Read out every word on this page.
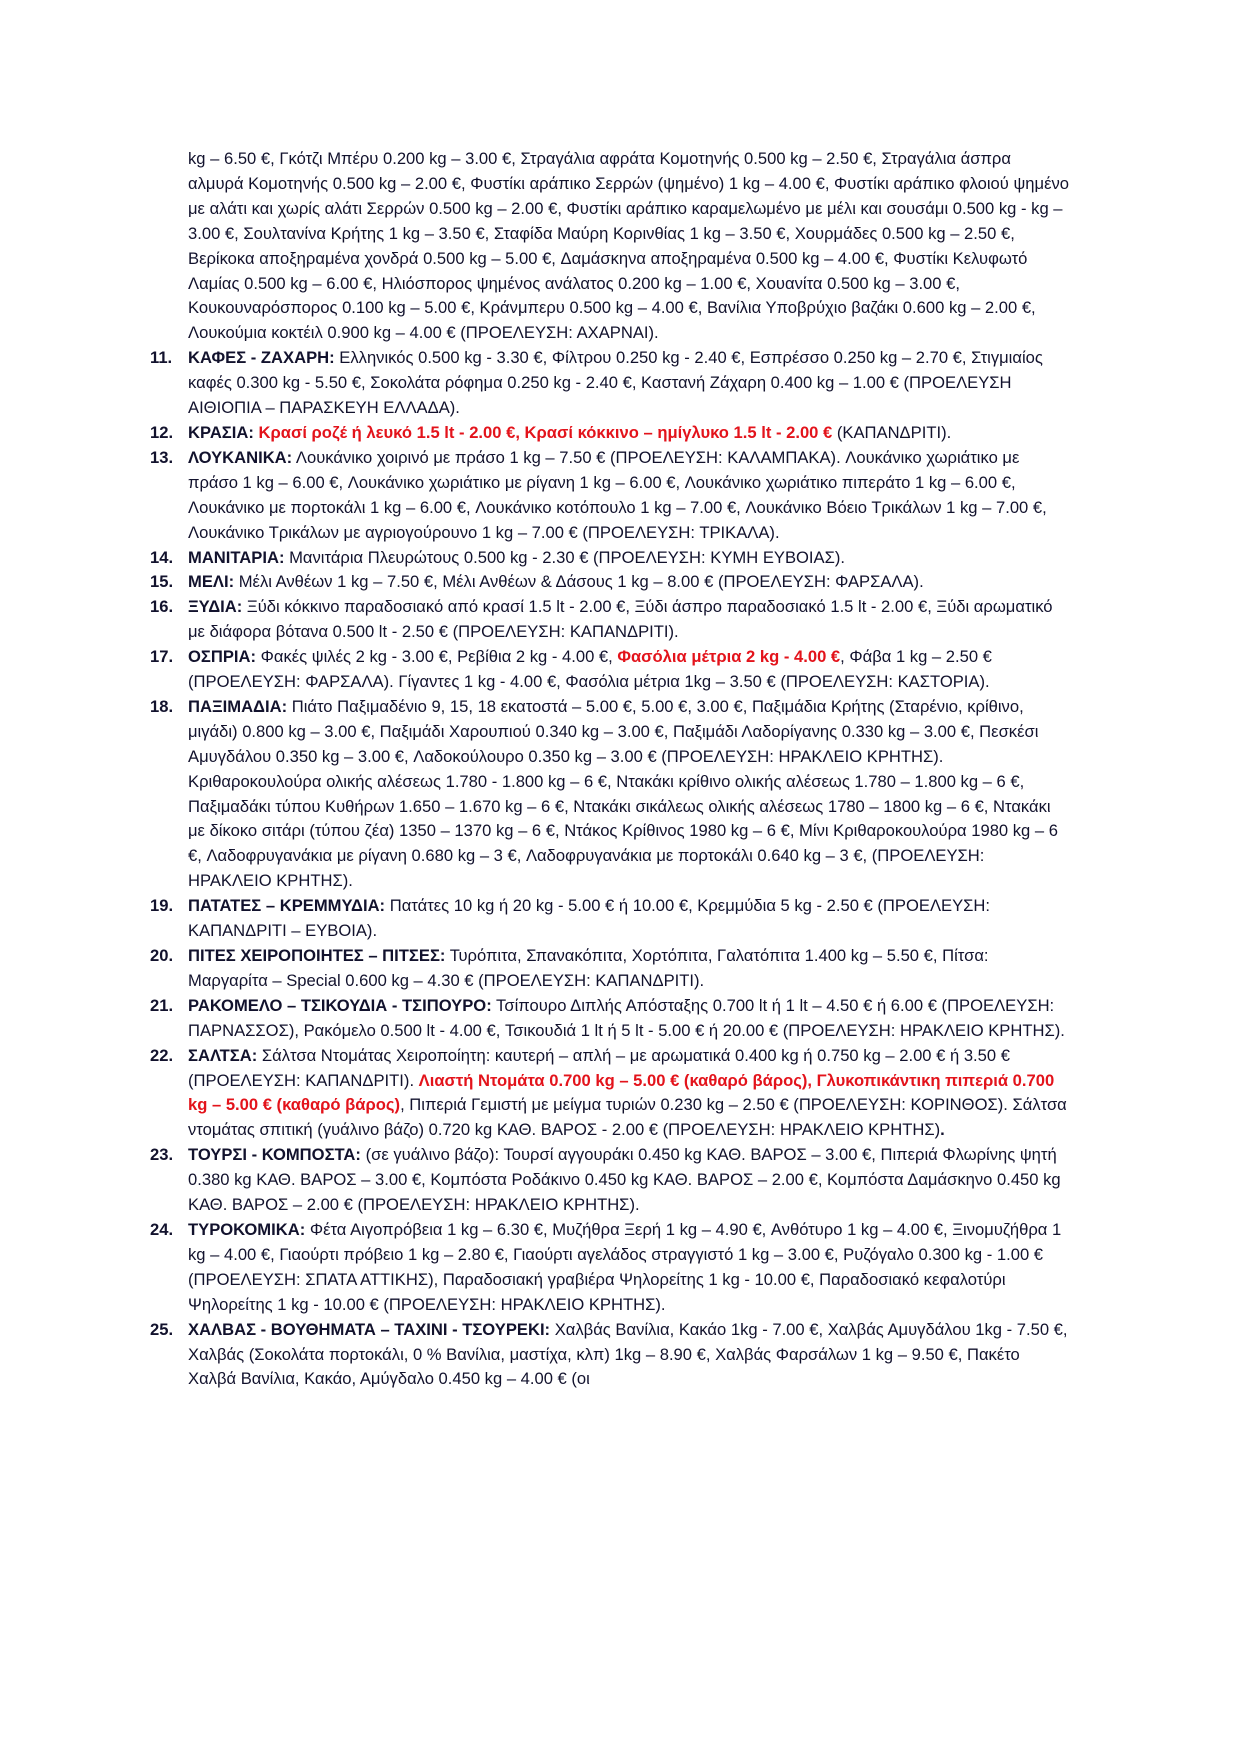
kg – 6.50 €, Γκότζι Μπέρυ 0.200 kg – 3.00 €, Στραγάλια αφράτα Κομοτηνής 0.500 kg – 2.50 €, Στραγάλια άσπρα αλμυρά Κομοτηνής 0.500 kg – 2.00 €, Φυστίκι αράπικο Σερρών (ψημένο) 1 kg – 4.00 €, Φυστίκι αράπικο φλοιού ψημένο με αλάτι και χωρίς αλάτι Σερρών 0.500 kg – 2.00 €, Φυστίκι αράπικο καραμελωμένο με μέλι και σουσάμι 0.500 kg - kg – 3.00 €, Σουλτανίνα Κρήτης 1 kg – 3.50 €, Σταφίδα Μαύρη Κορινθίας 1 kg – 3.50 €, Χουρμάδες 0.500 kg – 2.50 €, Βερίκοκα αποξηραμένα χονδρά 0.500 kg – 5.00 €, Δαμάσκηνα αποξηραμένα 0.500 kg – 4.00 €, Φυστίκι Κελυφωτό Λαμίας 0.500 kg – 6.00 €, Ηλιόσπορος ψημένος ανάλατος 0.200 kg – 1.00 €, Χουανίτα 0.500 kg – 3.00 €, Κουκουναρόσπορος 0.100 kg – 5.00 €, Κράνμπερυ 0.500 kg – 4.00 €, Βανίλια Υποβρύχιο βαζάκι 0.600 kg – 2.00 €, Λουκούμια κοκτέιλ 0.900 kg – 4.00 € (ΠΡΟΕΛΕΥΣΗ: ΑΧΑΡΝΑΙ).

11. ΚΑΦΕΣ - ΖΑΧΑΡΗ: Ελληνικός 0.500 kg - 3.30 €, Φίλτρου 0.250 kg - 2.40 €, Εσπρέσσο 0.250 kg – 2.70 €, Στιγμιαίος καφές 0.300 kg - 5.50 €, Σοκολάτα ρόφημα 0.250 kg - 2.40 €, Καστανή Ζάχαρη 0.400 kg – 1.00 € (ΠΡΟΕΛΕΥΣΗ ΑΙΘΙΟΠΙΑ – ΠΑΡΑΣΚΕΥΗ ΕΛΛΑΔΑ).

12. ΚΡΑΣΙΑ: Κρασί ροζέ ή λευκό 1.5 lt - 2.00 €, Κρασί κόκκινο – ημίγλυκο 1.5 lt - 2.00 € (ΚΑΠΑΝΔΡΙΤΙ).

13. ΛΟΥΚΑΝΙΚΑ: Λουκάνικο χοιρινό με πράσο 1 kg – 7.50 € (ΠΡΟΕΛΕΥΣΗ: ΚΑΛΑΜΠΑΚΑ). Λουκάνικο χωριάτικο με πράσο 1 kg – 6.00 €, Λουκάνικο χωριάτικο με ρίγανη 1 kg – 6.00 €, Λουκάνικο χωριάτικο πιπεράτο 1 kg – 6.00 €, Λουκάνικο με πορτοκάλι 1 kg – 6.00 €, Λουκάνικο κοτόπουλο 1 kg – 7.00 €, Λουκάνικο Βόειο Τρικάλων 1 kg – 7.00 €, Λουκάνικο Τρικάλων με αγριογούρουνο 1 kg – 7.00 € (ΠΡΟΕΛΕΥΣΗ: ΤΡΙΚΑΛΑ).

14. ΜΑΝΙΤΑΡΙΑ: Μανιτάρια Πλευρώτους 0.500 kg - 2.30 € (ΠΡΟΕΛΕΥΣΗ: ΚΥΜΗ ΕΥΒΟΙΑΣ).

15. ΜΕΛΙ: Μέλι Ανθέων 1 kg – 7.50 €, Μέλι Ανθέων & Δάσους 1 kg – 8.00 € (ΠΡΟΕΛΕΥΣΗ: ΦΑΡΣΑΛΑ).

16. ΞΥΔΙΑ: Ξύδι κόκκινο παραδοσιακό από κρασί 1.5 lt - 2.00 €, Ξύδι άσπρο παραδοσιακό 1.5 lt - 2.00 €, Ξύδι αρωματικό με διάφορα βότανα 0.500 lt - 2.50 € (ΠΡΟΕΛΕΥΣΗ: ΚΑΠΑΝΔΡΙΤΙ).

17. ΟΣΠΡΙΑ: Φακές ψιλές 2 kg - 3.00 €, Ρεβίθια 2 kg - 4.00 €, Φασόλια μέτρια 2 kg - 4.00 €, Φάβα 1 kg – 2.50 € (ΠΡΟΕΛΕΥΣΗ: ΦΑΡΣΑΛΑ). Γίγαντες 1 kg - 4.00 €, Φασόλια μέτρια 1kg – 3.50 € (ΠΡΟΕΛΕΥΣΗ: ΚΑΣΤΟΡΙΑ).

18. ΠΑΞΙΜΑΔΙΑ: Πιάτο Παξιμαδένιο 9, 15, 18 εκατοστά – 5.00 €, 5.00 €, 3.00 €, Παξιμάδια Κρήτης (Σταρένιο, κρίθινο, μιγάδι) 0.800 kg – 3.00 €, Παξιμάδι Χαρουπιού 0.340 kg – 3.00 €, Παξιμάδι Λαδορίγανης 0.330 kg – 3.00 €, Πεσκέσι Αμυγδάλου 0.350 kg – 3.00 €, Λαδοκούλουρο 0.350 kg – 3.00 € (ΠΡΟΕΛΕΥΣΗ: ΗΡΑΚΛΕΙΟ ΚΡΗΤΗΣ).

Κριθαροκουλούρα ολικής αλέσεως 1.780 - 1.800 kg – 6 €, Ντακάκι κρίθινο ολικής αλέσεως 1.780 – 1.800 kg – 6 €, Παξιμαδάκι τύπου Κυθήρων 1.650 – 1.670 kg – 6 €, Ντακάκι σικάλεως ολικής αλέσεως 1780 – 1800 kg – 6 €, Ντακάκι με δίκοκο σιτάρι (τύπου ζέα) 1350 – 1370 kg – 6 €, Ντάκος Κρίθινος 1980 kg – 6 €, Μίνι Κριθαροκουλούρα 1980 kg – 6 €, Λαδοφρυγανάκια με ρίγανη 0.680 kg – 3 €, Λαδοφρυγανάκια με πορτοκάλι 0.640 kg – 3 €, (ΠΡΟΕΛΕΥΣΗ: ΗΡΑΚΛΕΙΟ ΚΡΗΤΗΣ).

19. ΠΑΤΑΤΕΣ – ΚΡΕΜΜΥΔΙΑ: Πατάτες 10 kg ή 20 kg - 5.00 € ή 10.00 €, Κρεμμύδια 5 kg - 2.50 € (ΠΡΟΕΛΕΥΣΗ: ΚΑΠΑΝΔΡΙΤΙ – ΕΥΒΟΙΑ).

20. ΠΙΤΕΣ ΧΕΙΡΟΠΟΙΗΤΕΣ – ΠΙΤΣΕΣ: Τυρόπιτα, Σπανακόπιτα, Χορτόπιτα, Γαλατόπιτα 1.400 kg – 5.50 €, Πίτσα: Μαργαρίτα – Special 0.600 kg – 4.30 € (ΠΡΟΕΛΕΥΣΗ: ΚΑΠΑΝΔΡΙΤΙ).

21. ΡΑΚΟΜΕΛΟ – ΤΣΙΚΟΥΔΙΑ - ΤΣΙΠΟΥΡΟ: Τσίπουρο Διπλής Απόσταξης 0.700 lt ή 1 lt – 4.50 € ή 6.00 € (ΠΡΟΕΛΕΥΣΗ: ΠΑΡΝΑΣΣΟΣ), Ρακόμελο 0.500 lt - 4.00 €, Τσικουδιά 1 lt ή 5 lt - 5.00 € ή 20.00 € (ΠΡΟΕΛΕΥΣΗ: ΗΡΑΚΛΕΙΟ ΚΡΗΤΗΣ).

22. ΣΑΛΤΣΑ: Σάλτσα Ντομάτας Χειροποίητη: καυτερή – απλή – με αρωματικά 0.400 kg ή 0.750 kg – 2.00 € ή 3.50 € (ΠΡΟΕΛΕΥΣΗ: ΚΑΠΑΝΔΡΙΤΙ). Λιαστή Ντομάτα 0.700 kg – 5.00 € (καθαρό βάρος), Γλυκοπικάντικη πιπεριά 0.700 kg – 5.00 € (καθαρό βάρος), Πιπεριά Γεμιστή με μείγμα τυριών 0.230 kg – 2.50 € (ΠΡΟΕΛΕΥΣΗ: ΚΟΡΙΝΘΟΣ). Σάλτσα ντομάτας σπιτική (γυάλινο βάζο) 0.720 kg ΚΑΘ. ΒΑΡΟΣ - 2.00 € (ΠΡΟΕΛΕΥΣΗ: ΗΡΑΚΛΕΙΟ ΚΡΗΤΗΣ).

23. ΤΟΥΡΣΙ - ΚΟΜΠΟΣΤΑ: (σε γυάλινο βάζο): Τουρσί αγγουράκι 0.450 kg ΚΑΘ. ΒΑΡΟΣ – 3.00 €, Πιπεριά Φλωρίνης ψητή 0.380 kg ΚΑΘ. ΒΑΡΟΣ – 3.00 €, Κομπόστα Ροδάκινο 0.450 kg ΚΑΘ. ΒΑΡΟΣ – 2.00 €, Κομπόστα Δαμάσκηνο 0.450 kg ΚΑΘ. ΒΑΡΟΣ – 2.00 € (ΠΡΟΕΛΕΥΣΗ: ΗΡΑΚΛΕΙΟ ΚΡΗΤΗΣ).

24. ΤΥΡΟΚΟΜΙΚΑ: Φέτα Αιγοπρόβεια 1 kg – 6.30 €, Μυζήθρα Ξερή 1 kg – 4.90 €, Ανθότυρο 1 kg – 4.00 €, Ξινομυζήθρα 1 kg – 4.00 €, Γιαούρτι πρόβειο 1 kg – 2.80 €, Γιαούρτι αγελάδος στραγγιστό 1 kg – 3.00 €, Ρυζόγαλο 0.300 kg - 1.00 € (ΠΡΟΕΛΕΥΣΗ: ΣΠΑΤΑ ΑΤΤΙΚΗΣ), Παραδοσιακή γραβιέρα Ψηλορείτης 1 kg - 10.00 €, Παραδοσιακό κεφαλοτύρι Ψηλορείτης 1 kg - 10.00 € (ΠΡΟΕΛΕΥΣΗ: ΗΡΑΚΛΕΙΟ ΚΡΗΤΗΣ).

25. ΧΑΛΒΑΣ - ΒΟΥΘΗΜΑΤΑ – ΤΑΧΙΝΙ - ΤΣΟΥΡΕΚΙ: Χαλβάς Βανίλια, Κακάο 1kg - 7.00 €, Χαλβάς Αμυγδάλου 1kg - 7.50 €, Χαλβάς (Σοκολάτα πορτοκάλι, 0 % Βανίλια, μαστίχα, κλπ) 1kg – 8.90 €, Χαλβάς Φαρσάλων 1 kg – 9.50 €, Πακέτο Χαλβά Βανίλια, Κακάο, Αμύγδαλο 0.450 kg – 4.00 € (οι
